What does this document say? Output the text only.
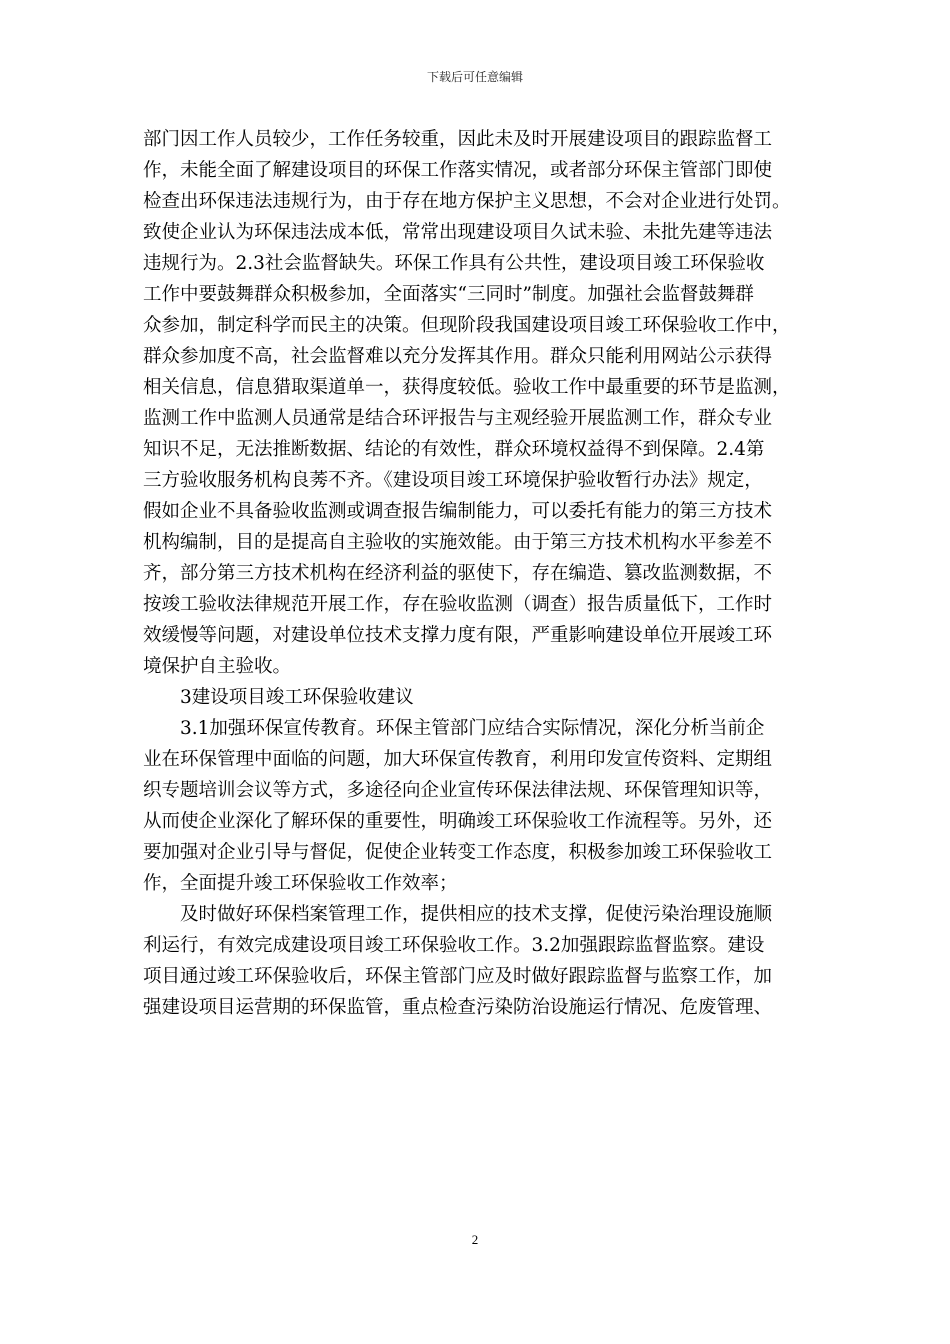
下载后可任意编辑

部门因工作人员较少，工作任务较重，因此未及时开展建设项目的跟踪监督工
作，未能全面了解建设项目的环保工作落实情况，或者部分环保主管部门即使
检查出环保违法违规行为，由于存在地方保护主义思想，不会对企业进行处罚。
致使企业认为环保违法成本低，常常出现建设项目久试未验、未批先建等违法
违规行为。2.3社会监督缺失。环保工作具有公共性，建设项目竣工环保验收
工作中要鼓舞群众积极参加，全面落实“三同时”制度。加强社会监督鼓舞群
众参加，制定科学而民主的决策。但现阶段我国建设项目竣工环保验收工作中，
群众参加度不高，社会监督难以充分发挥其作用。群众只能利用网站公示获得
相关信息，信息猎取渠道单一，获得度较低。验收工作中最重要的环节是监测，
监测工作中监测人员通常是结合环评报告与主观经验开展监测工作，群众专业
知识不足，无法推断数据、结论的有效性，群众环境权益得不到保障。2.4第
三方验收服务机构良莠不齐。《建设项目竣工环境保护验收暂行办法》规定，
假如企业不具备验收监测或调查报告编制能力，可以委托有能力的第三方技术
机构编制，目的是提高自主验收的实施效能。由于第三方技术机构水平参差不
齐，部分第三方技术机构在经济利益的驱使下，存在编造、篡改监测数据，不
按竣工验收法律规范开展工作，存在验收监测（调查）报告质量低下，工作时
效缓慢等问题，对建设单位技术支撑力度有限，严重影响建设单位开展竣工环
境保护自主验收。

3建设项目竣工环保验收建议

3.1加强环保宣传教育。环保主管部门应结合实际情况，深化分析当前企
业在环保管理中面临的问题，加大环保宣传教育，利用印发宣传资料、定期组
织专题培训会议等方式，多途径向企业宣传环保法律法规、环保管理知识等，
从而使企业深化了解环保的重要性，明确竣工环保验收工作流程等。另外，还
要加强对企业引导与督促，促使企业转变工作态度，积极参加竣工环保验收工
作，全面提升竣工环保验收工作效率；

及时做好环保档案管理工作，提供相应的技术支撑，促使污染治理设施顺
利运行，有效完成建设项目竣工环保验收工作。3.2加强跟踪监督监察。建设
项目通过竣工环保验收后，环保主管部门应及时做好跟踪监督与监察工作，加
强建设项目运营期的环保监管，重点检查污染防治设施运行情况、危废管理、

2
